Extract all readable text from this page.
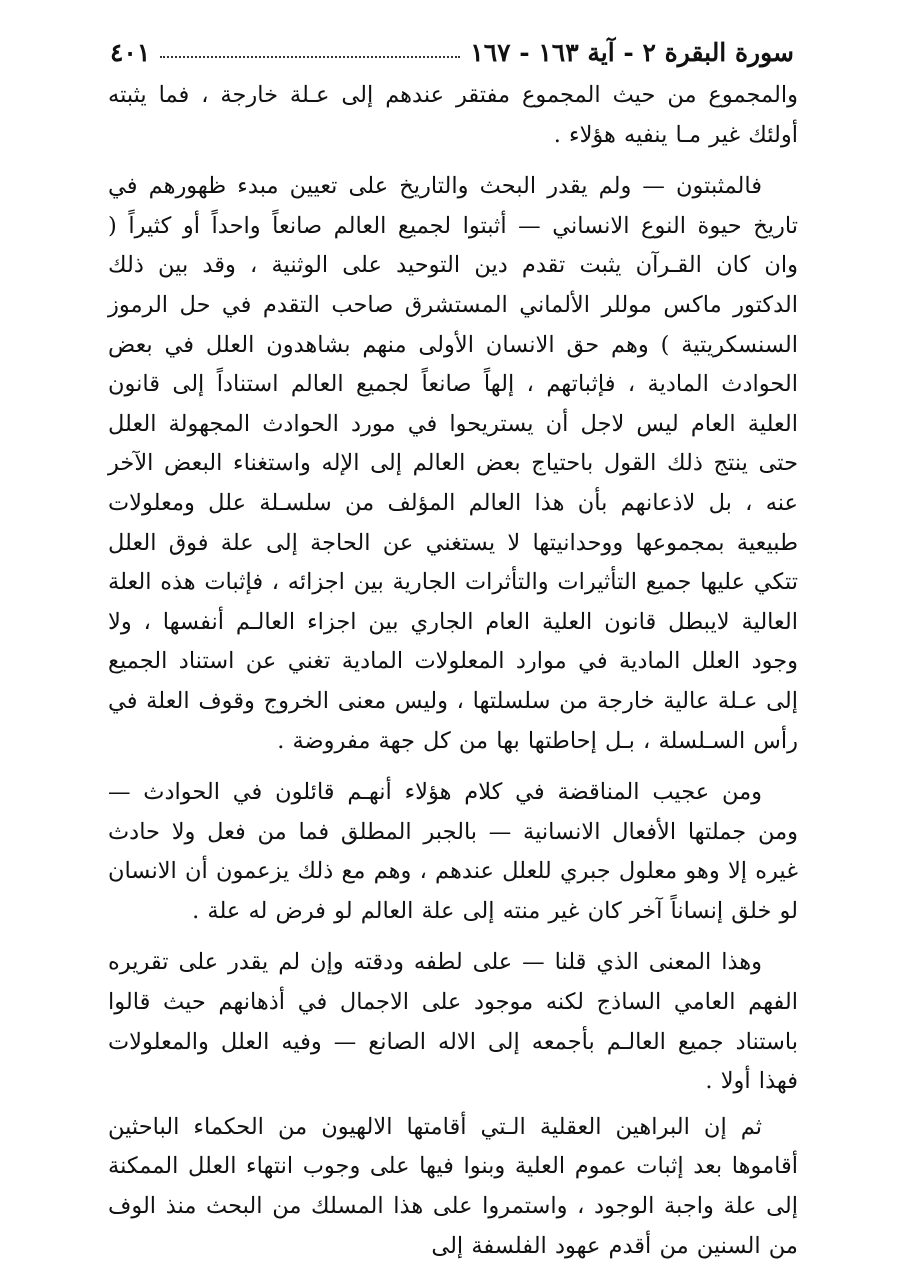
سورة البقرة ٢ - آية ١٦٣ - ١٦٧
٤٠١

والمجموع من حيث المجموع مفتقر عندهم إلى عـلة خارجة ، فما يثبته أولئك غير مـا ينفيه هؤلاء .

فالمثبتون — ولم يقدر البحث والتاريخ على تعيين مبدء ظهورهم في تاريخ حيوة النوع الانساني — أثبتوا لجميع العالم صانعاً واحداً أو كثيراً ( وان كان القـرآن يثبت تقدم دين التوحيد على الوثنية ، وقد بين ذلك الدكتور ماكس موللر الألماني المستشرق صاحب التقدم في حل الرموز السنسكريتية ) وهم حق الانسان الأولى منهم بشاهدون العلل في بعض الحوادث المادية ، فإثباتهم ، إلهاً صانعاً لجميع العالم استناداً إلى قانون العلية العام ليس لاجل أن يستريحوا في مورد الحوادث المجهولة العلل حتى ينتج ذلك القول باحتياج بعض العالم إلى الإله واستغناء البعض الآخر عنه ، بل لاذعانهم بأن هذا العالم المؤلف من سلسـلة علل ومعلولات طبيعية بمجموعها ووحدانيتها لا يستغني عن الحاجة إلى علة فوق العلل تتكي عليها جميع التأثيرات والتأثرات الجارية بين اجزائه ، فإثبات هذه العلة العالية لايبطل قانون العلية العام الجاري بين اجزاء العالـم أنفسها ، ولا وجود العلل المادية في موارد المعلولات المادية تغني عن استناد الجميع إلى عـلة عالية خارجة من سلسلتها ، وليس معنى الخروج وقوف العلة في رأس السـلسلة ، بـل إحاطتها بها من كل جهة مفروضة .

ومن عجيب المناقضة في كلام هؤلاء أنهـم قائلون في الحوادث — ومن جملتها الأفعال الانسانية — بالجبر المطلق فما من فعل ولا حادث غيره إلا وهو معلول جبري للعلل عندهم ، وهم مع ذلك يزعمون أن الانسان لو خلق إنساناً آخر كان غير منته إلى علة العالم لو فرض له علة .

وهذا المعنى الذي قلنا — على لطفه ودقته وإن لم يقدر على تقريره الفهم العامي الساذج لكنه موجود على الاجمال في أذهانهم حيث قالوا باستناد جميع العالـم بأجمعه إلى الاله الصانع — وفيه العلل والمعلولات فهذا أولا .

ثم إن البراهين العقلية الـتي أقامتها الالهيون من الحكماء الباحثين أقاموها بعد إثبات عموم العلية وبنوا فيها على وجوب انتهاء العلل الممكنة إلى علة واجبة الوجود ، واستمروا على هذا المسلك من البحث منذ الوف من السنين من أقدم عهود الفلسفة إلى
